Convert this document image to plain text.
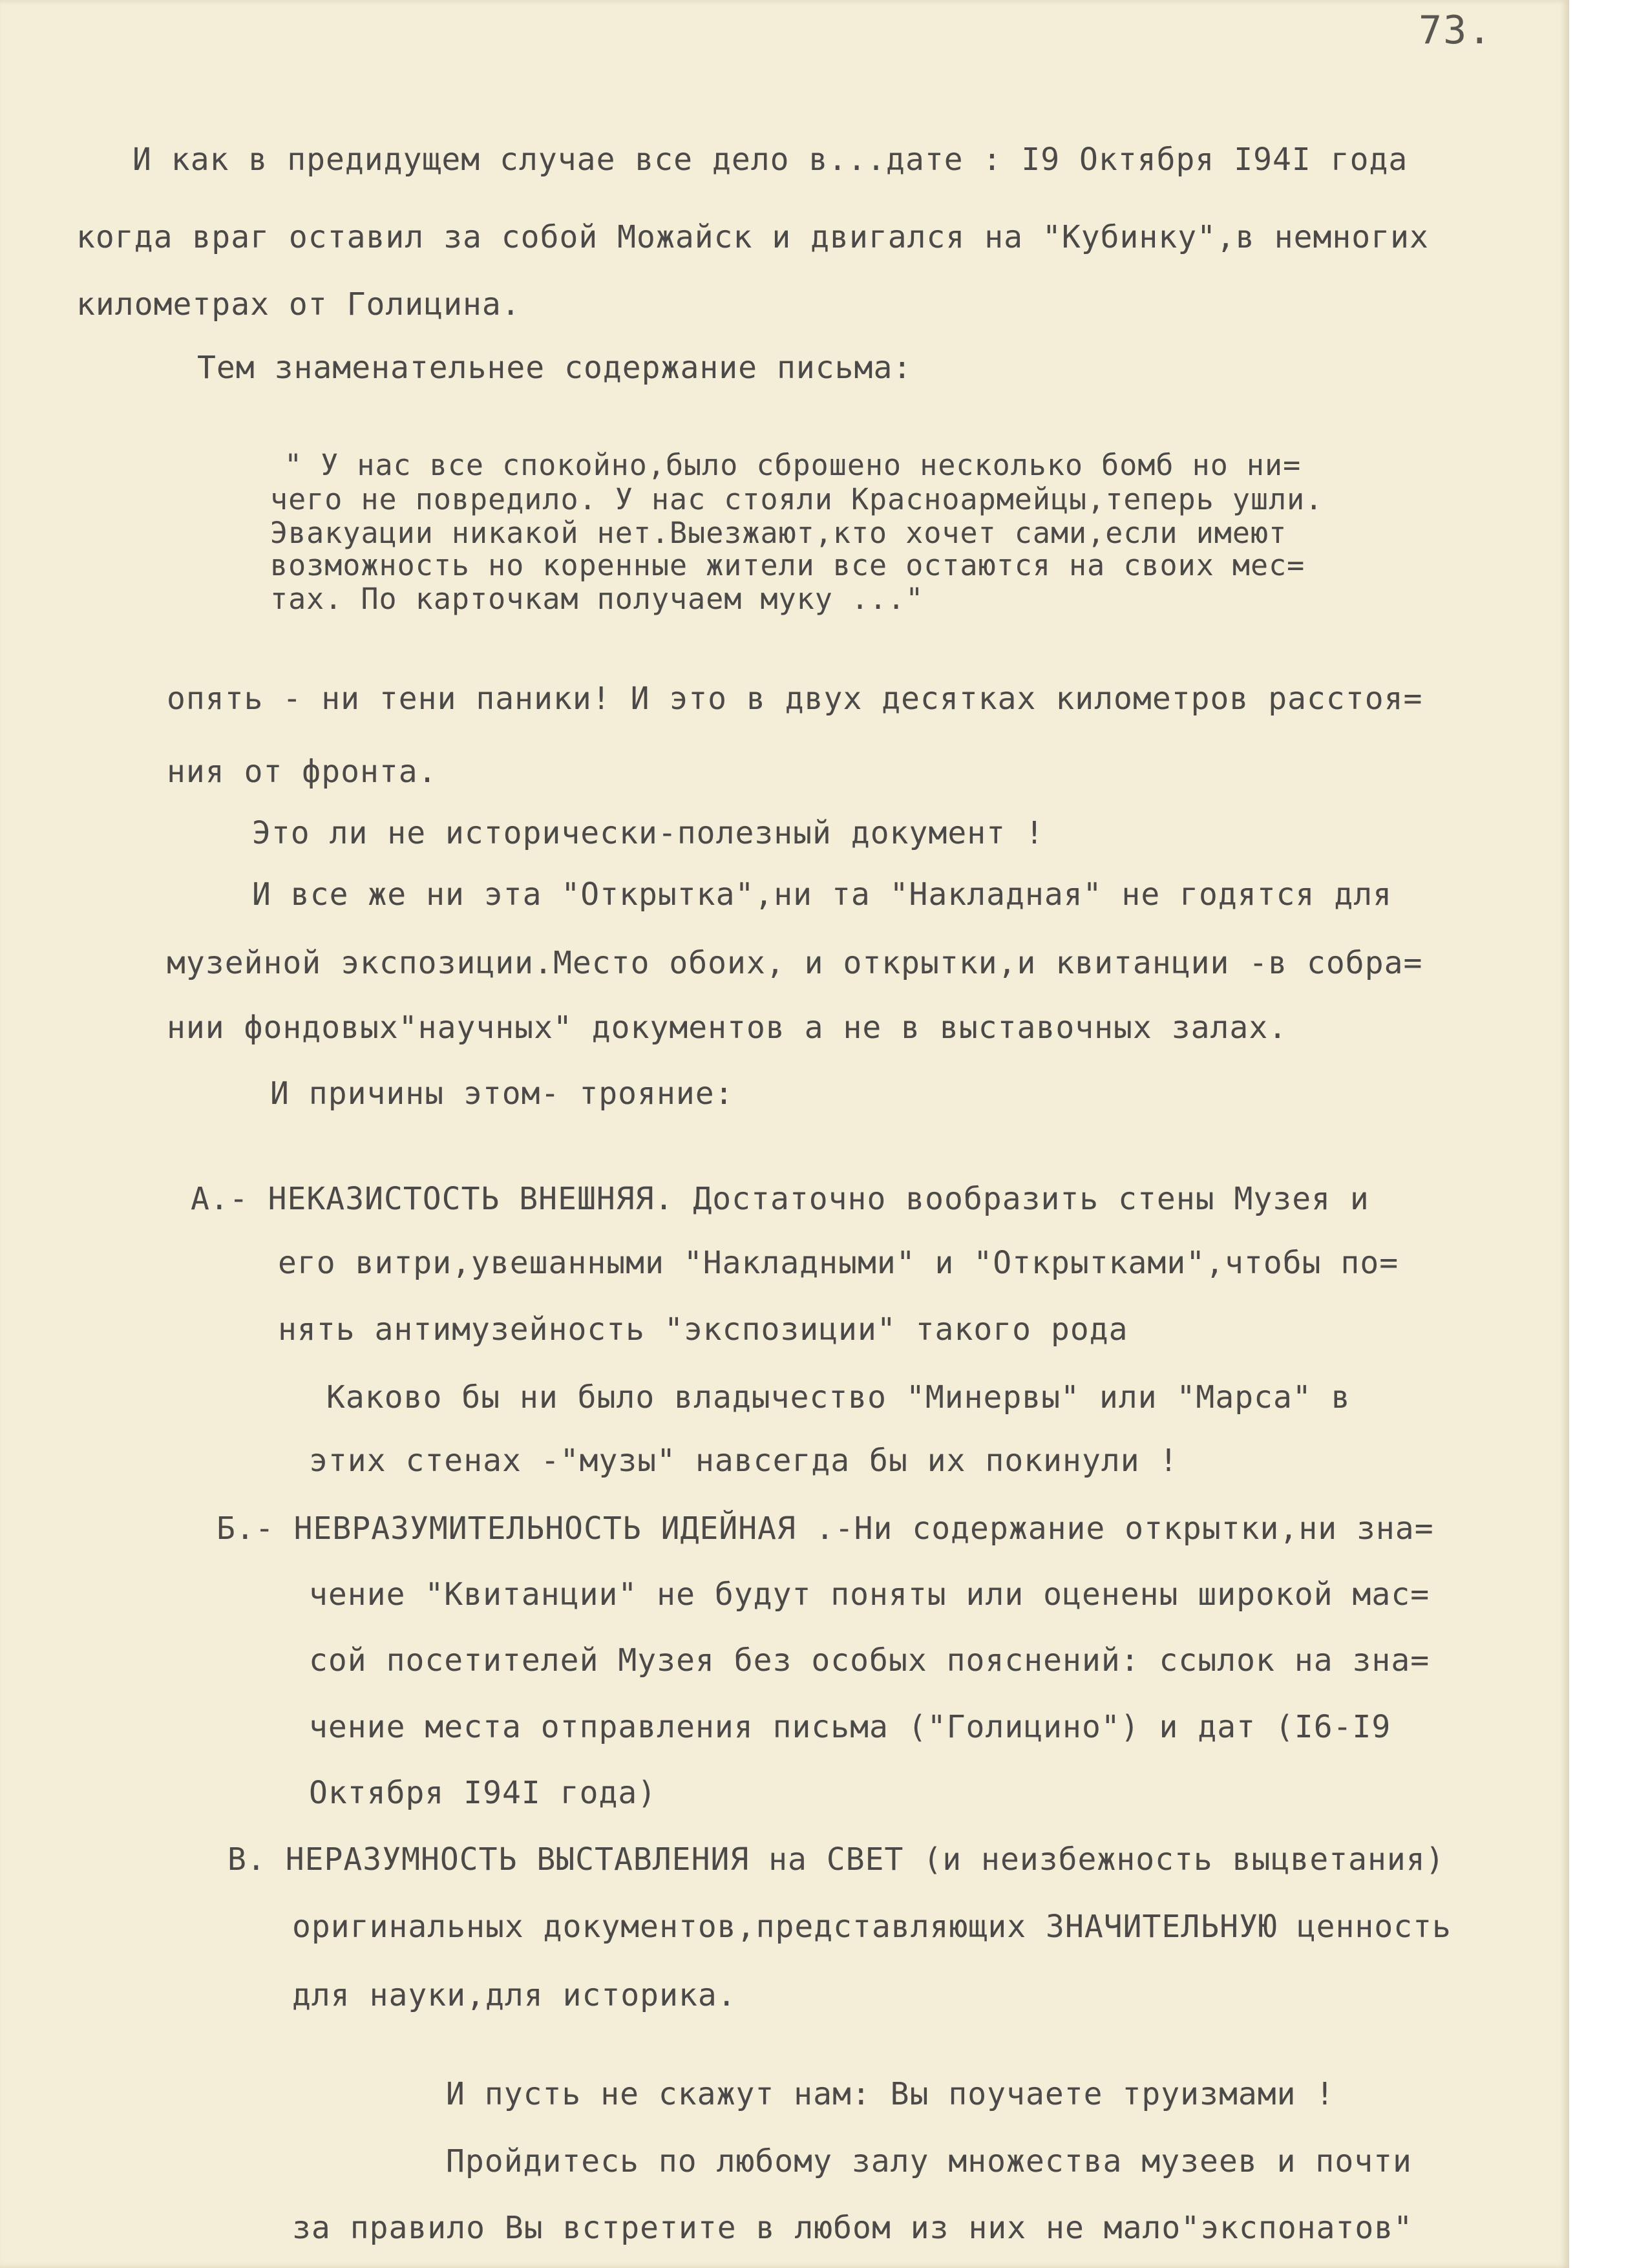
73.
И как в предидущем случае все дело в...дате : I9 Октября I94I года
когда враг оставил за собой Можайск и двигался на "Кубинку",в немногих
километрах от Голицина.
Тем знаменательнее содержание письма:
" У нас все спокойно,было сброшено несколько бомб но ни=
чего не повредило. У нас стояли Красноармейцы,теперь ушли.
Эвакуации никакой нет.Выезжают,кто хочет сами,если имеют
возможность но коренные жители все остаются на своих мес=
тах. По карточкам получаем муку ..."
опять - ни тени паники! И это в двух десятках километров расстоя=
ния от фронта.
Это ли не исторически-полезный документ !
И все же ни эта "Открытка",ни та "Накладная" не годятся для
музейной экспозиции.Место обоих, и открытки,и квитанции -в собра=
нии фондовых"научных" документов а не в выставочных залах.
И причины этом- трояние:
А.- НЕКАЗИСТОСТЬ ВНЕШНЯЯ. Достаточно вообразить стены Музея и
его витри,увешанными "Накладными" и "Открытками",чтобы по=
нять антимузейность "экспозиции" такого рода
Каково бы ни было владычество "Минервы" или "Марса" в
этих стенах -"музы" навсегда бы их покинули !
Б.- НЕВРАЗУМИТЕЛЬНОСТЬ ИДЕЙНАЯ .-Ни содержание открытки,ни зна=
чение "Квитанции" не будут поняты или оценены широкой мас=
сой посетителей Музея без особых пояснений: ссылок на зна=
чение места отправления письма ("Голицино") и дат (I6-I9
Октября I94I года)
В. НЕРАЗУМНОСТЬ ВЫСТАВЛЕНИЯ на СВЕТ (и неизбежность выцветания)
оригинальных документов,представляющих ЗНАЧИТЕЛЬНУЮ ценность
для науки,для историка.
И пусть не скажут нам: Вы поучаете труизмами !
Пройдитесь по любому залу множества музеев и почти
за правило Вы встретите в любом из них не мало"экспонатов"
